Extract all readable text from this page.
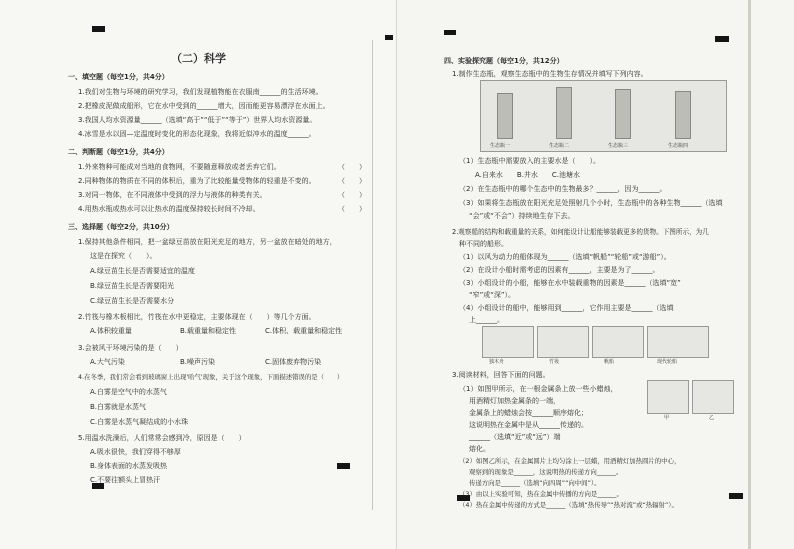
（二）科学
一、填空题（每空1分，共4分）
1.我们对生物与环境的研究学习，我们发现植物能在衣服南______的生活环境。
2.把橡皮泥做成船形，它在水中受到的______增大，因而能更容易漂浮在水面上。
3.我国人均水资源量______（选填“高于”“低于”“等于”）世界人均水资源量。
4.冰雪是水以固—定温度时变化的形态化现象，我将近似冲水的温度______。
二、判断题（每空1分，共4分）
1.外来物种可能成对当地的食物网，不要随意释放或者丢弃它们。	（　　）
2.同种物体的物质在不同的体积后，重为了比较能量受物体的轻重是不变的。	（　　）
3.对同一物体，在不同液体中受到的浮力与液体的种类有关。	（　　）
4.用热水瓶或热水可以让热水的温度保持较长时间不冷却。	（　　）
三、选择题（每空2分，共10分）
1.保持其他条件相同，把一盆绿豆苗放在阳光充足的地方，另一盆放在暗处的地方，
这是在探究（　　）。
A.绿豆苗生长是否需要适宜的温度
B.绿豆苗生长是否需要阳光
C.绿豆苗生长是否需要水分
2.竹筏与橡木板相比，竹筏在水中更稳定，主要体现在（　　）等几个方面。
A.体积较重量	B.载重量和稳定性	C.体积、载重量和稳定性
3.会被风干环境污染的是（　　）
A.大气污染	B.噪声污染	C.固体废弃物污染
4.在冬季，我们常会看到玻璃窗上出现'哈气'现象，关于这个现象，下面描述错误的是（　　）
A.白雾是空气中的水蒸气
B.白雾就是水蒸气
C.白雾是水蒸气凝结成的小水珠
5.用温水洗澡后，人们常常会感到冷，原因是（　　）
A.吸水很快，我们穿得不够厚
B.身体表面的水蒸发吸热
C.不要往额头上冒热汗
四、实验探究题（每空1分，共12分）
1.制作生态瓶，观察生态瓶中的生物生存情况并填写下列内容。
生态瓶一	生态瓶二	生态瓶三	生态瓶四
（1）生态瓶中需要放入的主要水是（　　）。
A.自来水　　B.井水　　C.池塘水
（2）在生态瓶中的哪个生态中的生物最多？______，因为______。
（3）如果将生态瓶放在阳光充足处照射几个小时，生态瓶中的各种生物______（选填
“会”或“不会”）持续地生存下去。
2.观察船的结构和载重量的关系，如何能设计让船能够装载更多的货物。下图所示，为几
种不同的船形。
（1）以风为动力的船体现为______（选填“帆船”“轮船”或“游船”）。
（2）在设计小船时需考虑的因素有______，主要是为了______。
（3）小组设计的小船，能够在水中装载重物的因素是______（选填“宽”
“窄”或“深”）。
（4）小组设计的船中，能够用到______，它作用主要是______（选填
上______。
独木舟	竹筏	帆船	现代轮船
3.阅读材料，回答下面的问题。
（1）如图甲所示，在一根金属条上放一些小蜡烛，
用酒精灯加热金属条的一端，
金属条上的蜡烛会按______顺序熔化；
这说明热在金属中是从______传递的。
______（选填“近”或“远”）端
熔化。
甲	乙
（2）如图乙所示，在金属圆片上均匀涂上一层蜡，用酒精灯加热圆片的中心，
观察到的现象是______，这说明热的传递方向______。
传递方向是______（选填“向四周”“向中间”）。
（3）由以上实验可知，热在金属中传播的方向是______。
（4）热在金属中传递的方式是______（选填“热传导”“热对流”或“热辐射”）。
